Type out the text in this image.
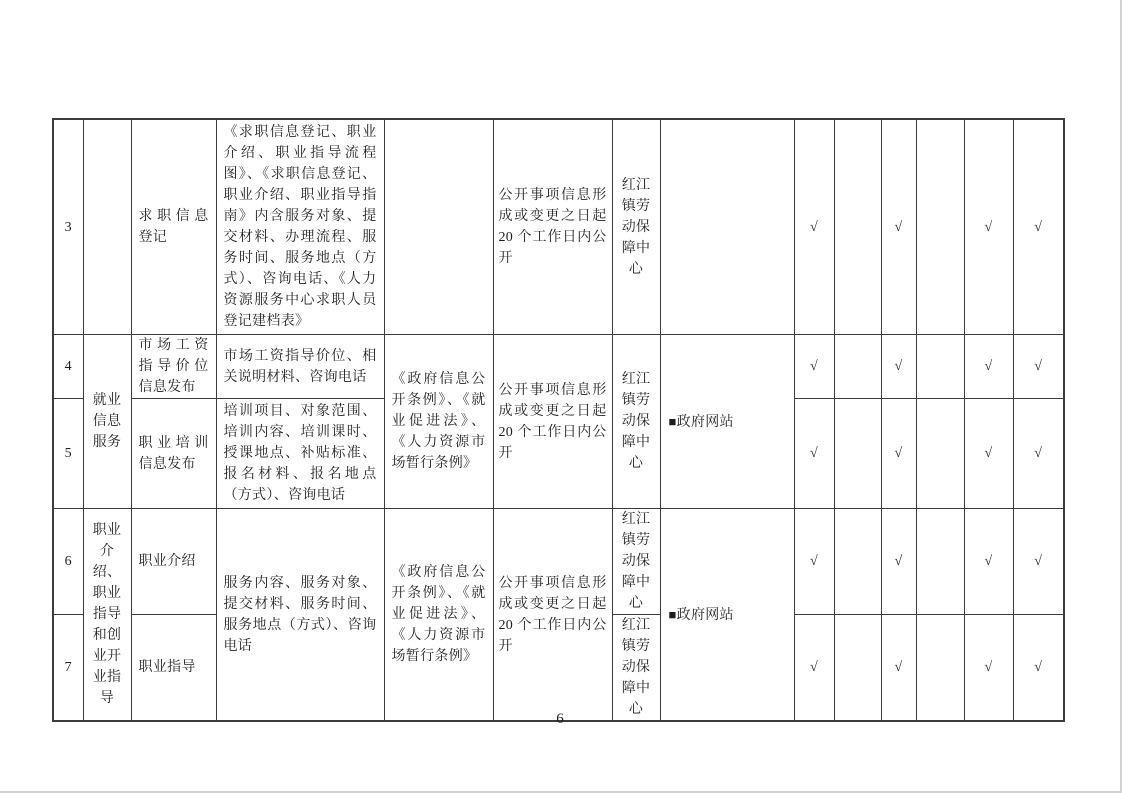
3		求职信息登记	《求职信息登记、职业介绍、职业指导流程图》、《求职信息登记、职业介绍、职业指导指南》内含服务对象、提交材料、办理流程、服务时间、服务地点（方式）、咨询电话、《人力资源服务中心求职人员登记建档表》		公开事项信息形成或变更之日起 20 个工作日内公开	红江镇劳动保障中心		√		√		√	√
4	就业信息服务	市场工资指导价位信息发布	市场工资指导价位、相关说明材料、咨询电话	《政府信息公开条例》、《就业促进法》、《人力资源市场暂行条例》	公开事项信息形成或变更之日起 20 个工作日内公开	红江镇劳动保障中心	■政府网站	√		√		√	√
5		职业培训信息发布	培训项目、对象范围、培训内容、培训课时、授课地点、补贴标准、报名材料、报名地点（方式）、咨询电话					√		√		√	√
6	职业介绍、职业指导和创业开业指导	职业介绍	服务内容、服务对象、提交材料、服务时间、服务地点（方式）、咨询电话	《政府信息公开条例》、《就业促进法》、《人力资源市场暂行条例》	公开事项信息形成或变更之日起 20 个工作日内公开	红江镇劳动保障中心	■政府网站	√		√		√	√
7		职业指导				红江镇劳动保障中心		√		√		√	√
6
